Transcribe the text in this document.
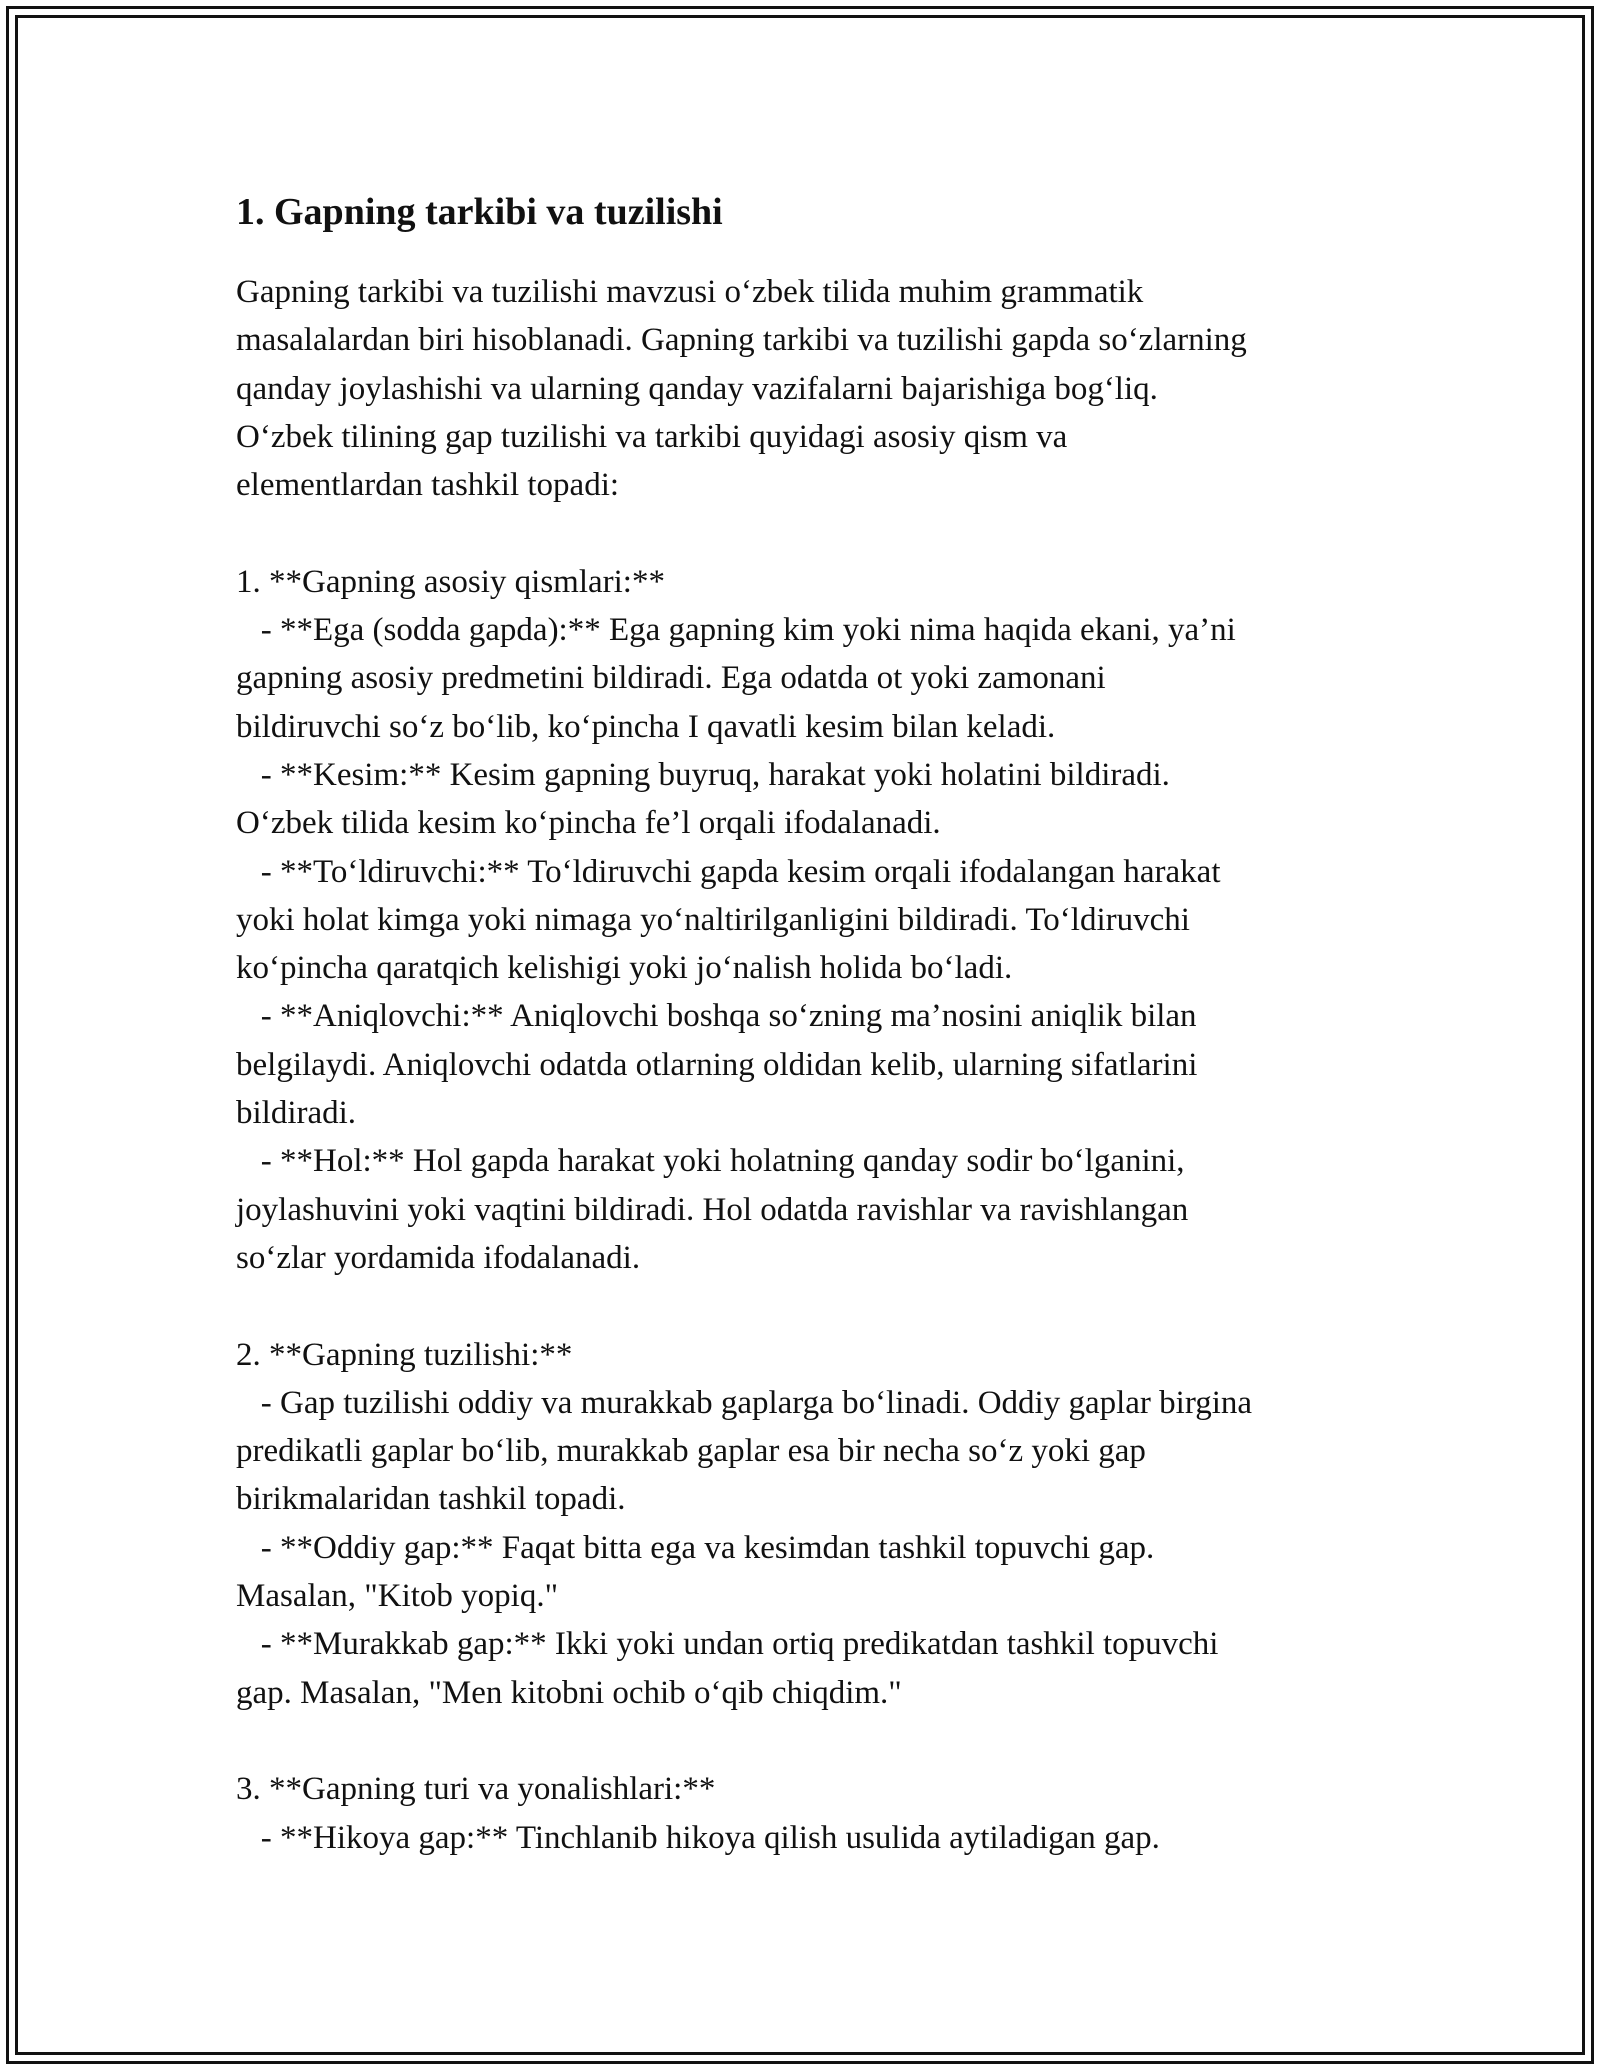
1. Gapning tarkibi va tuzilishi
Gapning tarkibi va tuzilishi mavzusi oʻzbek tilida muhim grammatik
masalalardan biri hisoblanadi. Gapning tarkibi va tuzilishi gapda soʻzlarning
qanday joylashishi va ularning qanday vazifalarni bajarishiga bogʻliq.
Oʻzbek tilining gap tuzilishi va tarkibi quyidagi asosiy qism va
elementlardan tashkil topadi:
1. **Gapning asosiy qismlari:**
- **Ega (sodda gapda):** Ega gapning kim yoki nima haqida ekani, ya’ni
gapning asosiy predmetini bildiradi. Ega odatda ot yoki zamonani
bildiruvchi soʻz boʻlib, koʻpincha I qavatli kesim bilan keladi.
- **Kesim:** Kesim gapning buyruq, harakat yoki holatini bildiradi.
Oʻzbek tilida kesim koʻpincha fe’l orqali ifodalanadi.
- **Toʻldiruvchi:** Toʻldiruvchi gapda kesim orqali ifodalangan harakat
yoki holat kimga yoki nimaga yoʻnaltirilganligini bildiradi. Toʻldiruvchi
koʻpincha qaratqich kelishigi yoki joʻnalish holida boʻladi.
- **Aniqlovchi:** Aniqlovchi boshqa soʻzning ma’nosini aniqlik bilan
belgilaydi. Aniqlovchi odatda otlarning oldidan kelib, ularning sifatlarini
bildiradi.
- **Hol:** Hol gapda harakat yoki holatning qanday sodir boʻlganini,
joylashuvini yoki vaqtini bildiradi. Hol odatda ravishlar va ravishlangan
soʻzlar yordamida ifodalanadi.
2. **Gapning tuzilishi:**
- Gap tuzilishi oddiy va murakkab gaplarga boʻlinadi. Oddiy gaplar birgina
predikatli gaplar boʻlib, murakkab gaplar esa bir necha soʻz yoki gap
birikmalaridan tashkil topadi.
- **Oddiy gap:** Faqat bitta ega va kesimdan tashkil topuvchi gap.
Masalan, "Kitob yopiq."
- **Murakkab gap:** Ikki yoki undan ortiq predikatdan tashkil topuvchi
gap. Masalan, "Men kitobni ochib oʻqib chiqdim."
3. **Gapning turi va yonalishlari:**
- **Hikoya gap:** Tinchlanib hikoya qilish usulida aytiladigan gap.
